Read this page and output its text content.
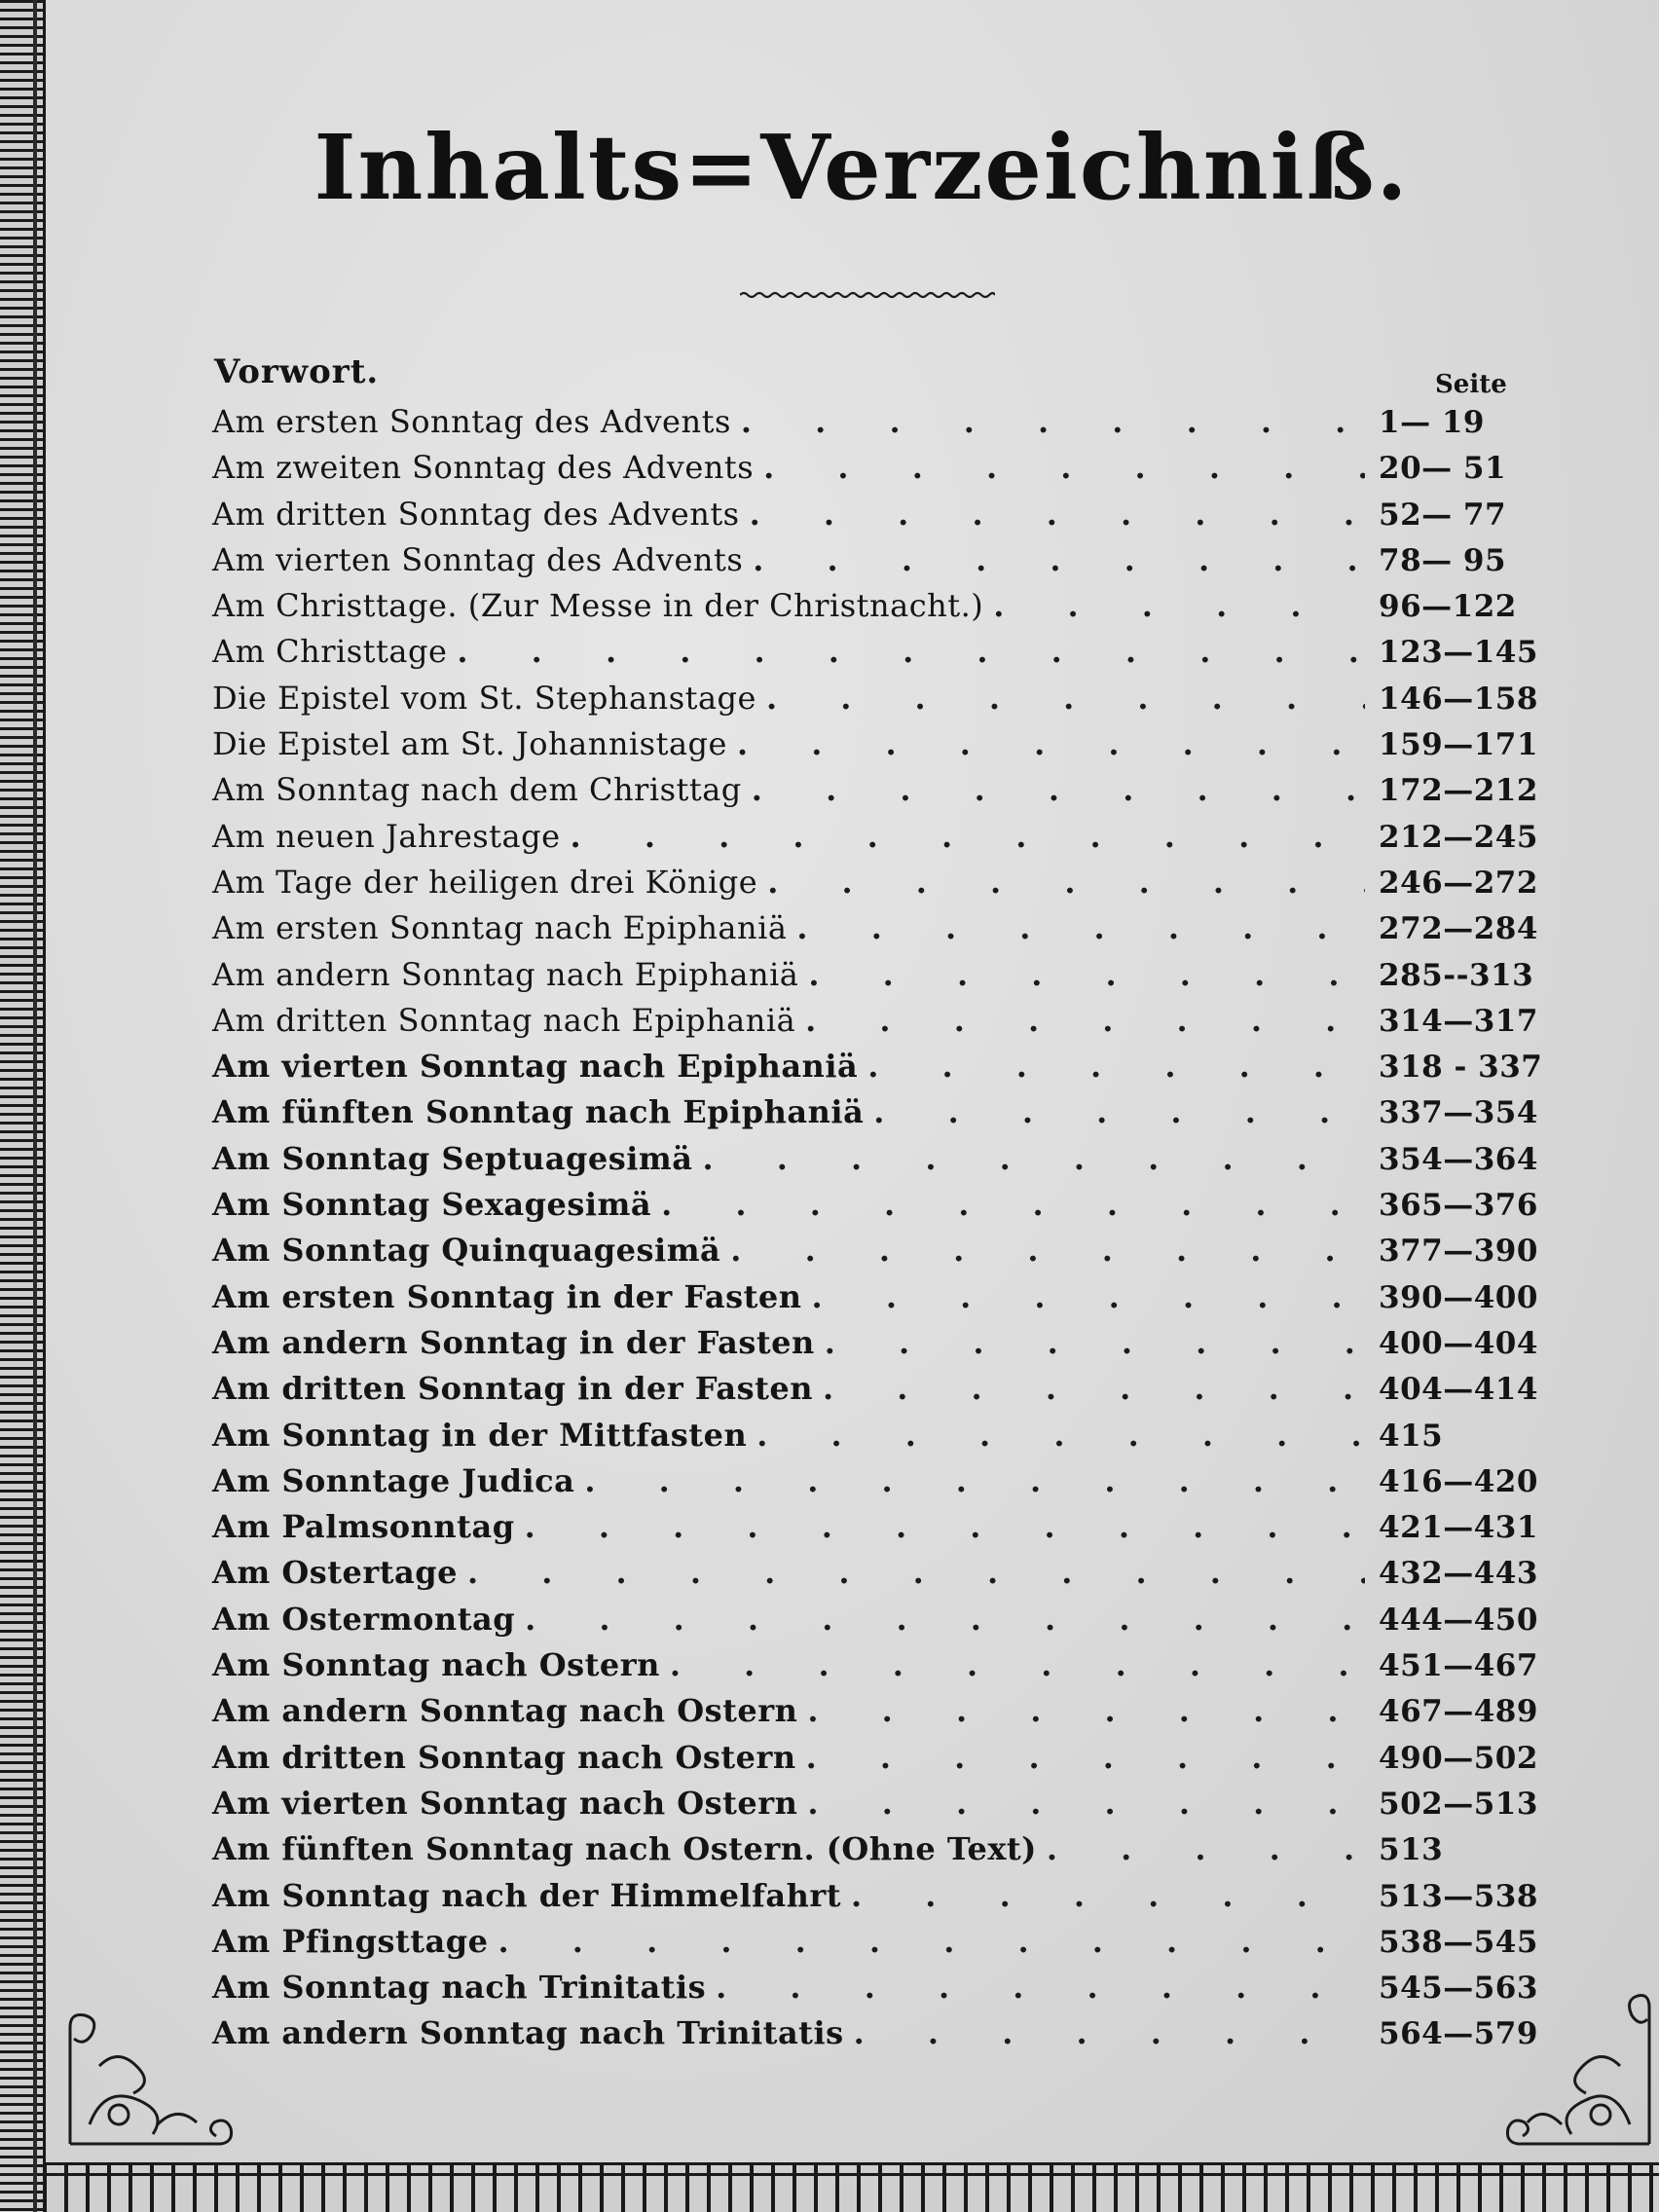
Inhalts=Verzeichniß.
Vorwort.	Seite
Am ersten Sonntag des Advents . . .	1— 19
Am zweiten Sonntag des Advents . . .	20— 51
Am dritten Sonntag des Advents . . .	52— 77
Am vierten Sonntag des Advents . . .	78— 95
Am Christtage. (Zur Messe in der Christnacht.) . . .	96—122
Am Christtage . . .	123—145
Die Epistel vom St. Stephanstage . . .	146—158
Die Epistel am St. Johannistage . . .	159—171
Am Sonntag nach dem Christtag . . .	172—212
Am neuen Jahrestage . . .	212—245
Am Tage der heiligen drei Könige . . .	246—272
Am ersten Sonntag nach Epiphaniä . . .	272—284
Am andern Sonntag nach Epiphaniä . . .	285--313
Am dritten Sonntag nach Epiphaniä . . .	314—317
Am vierten Sonntag nach Epiphaniä . . .	318 - 337
Am fünften Sonntag nach Epiphaniä . . .	337—354
Am Sonntag Septuagesimä . . .	354—364
Am Sonntag Sexagesimä . . .	365—376
Am Sonntag Quinquagesimä . . .	377—390
Am ersten Sonntag in der Fasten . . .	390—400
Am andern Sonntag in der Fasten . . .	400—404
Am dritten Sonntag in der Fasten . . .	404—414
Am Sonntag in der Mittfasten . . .	415
Am Sonntage Judica . . .	416—420
Am Palmsonntag . . .	421—431
Am Ostertage . . .	432—443
Am Ostermontag . . .	444—450
Am Sonntag nach Ostern . . .	451—467
Am andern Sonntag nach Ostern . . .	467—489
Am dritten Sonntag nach Ostern . . .	490—502
Am vierten Sonntag nach Ostern . . .	502—513
Am fünften Sonntag nach Ostern. (Ohne Text) . . .	513
Am Sonntag nach der Himmelfahrt . . .	513—538
Am Pfingsttage . . .	538—545
Am Sonntag nach Trinitatis . . .	545—563
Am andern Sonntag nach Trinitatis . . .	564—579
